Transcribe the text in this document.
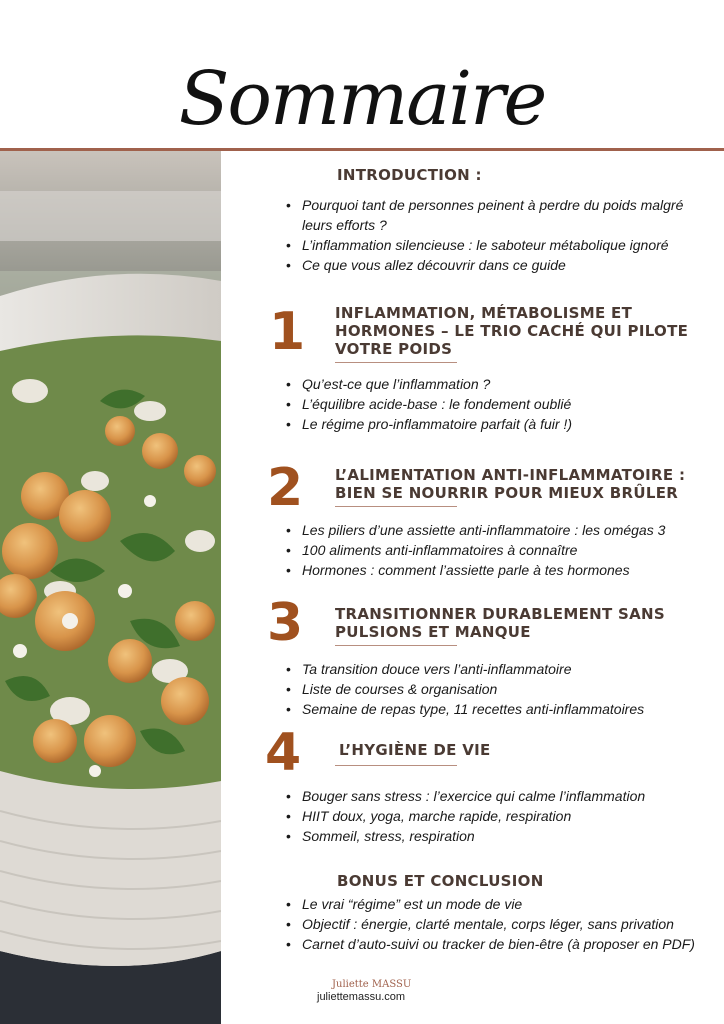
Sommaire
INTRODUCTION :
• Pourquoi tant de personnes peinent à perdre du poids malgré leurs efforts ?
• L’inflammation silencieuse : le saboteur métabolique ignoré
• Ce que vous allez découvrir dans ce guide
1 INFLAMMATION, MÉTABOLISME ET HORMONES – LE TRIO CACHÉ QUI PILOTE VOTRE POIDS
• Qu’est-ce que l’inflammation ?
• L’équilibre acide-base : le fondement oublié
• Le régime pro-inflammatoire parfait (à fuir !)
2 L’ALIMENTATION ANTI-INFLAMMATOIRE : BIEN SE NOURRIR POUR MIEUX BRÛLER
• Les piliers d’une assiette anti-inflammatoire : les omégas 3
• 100 aliments anti-inflammatoires à connaître
• Hormones : comment l’assiette parle à tes hormones
3 TRANSITIONNER DURABLEMENT SANS PULSIONS ET MANQUE
• Ta transition douce vers l’anti-inflammatoire
• Liste de courses & organisation
• Semaine de repas type, 11 recettes anti-inflammatoires
4	L’HYGIÈNE DE VIE
• Bouger sans stress : l’exercice qui calme l’inflammation
• HIIT doux, yoga, marche rapide, respiration
• Sommeil, stress, respiration
BONUS ET CONCLUSION
• Le vrai “régime” est un mode de vie
• Objectif : énergie, clarté mentale, corps léger, sans privation
• Carnet d’auto-suivi ou tracker de bien-être (à proposer en PDF)
Juliette MASSU
juliettemassu.com
